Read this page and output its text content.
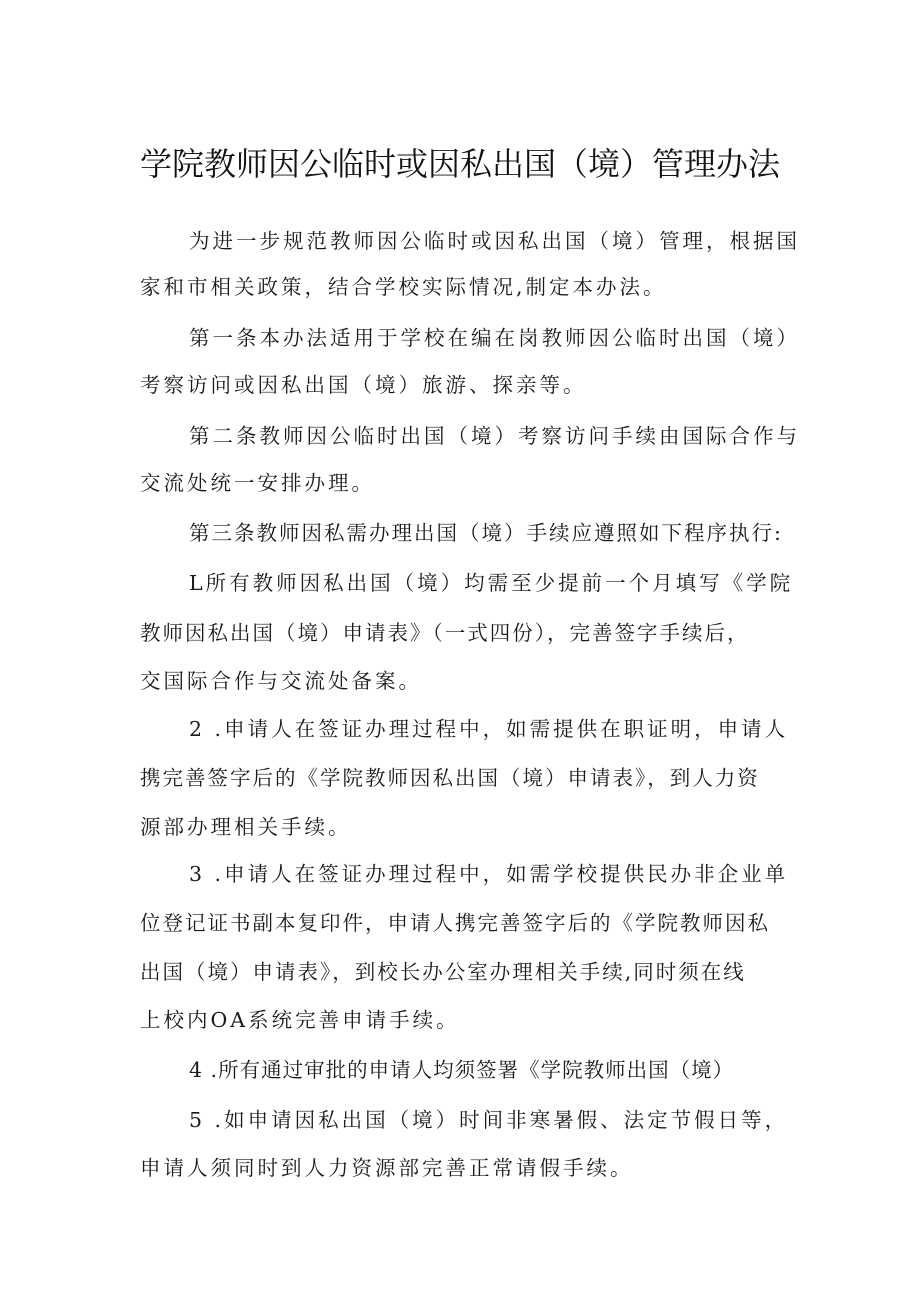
学院教师因公临时或因私出国（境）管理办法

为进一步规范教师因公临时或因私出国（境）管理，根据国

家和市相关政策，结合学校实际情况,制定本办法。

第一条本办法适用于学校在编在岗教师因公临时出国（境）

考察访问或因私出国（境）旅游、探亲等。

第二条教师因公临时出国（境）考察访问手续由国际合作与

交流处统一安排办理。

第三条教师因私需办理出国（境）手续应遵照如下程序执行:

L所有教师因私出国（境）均需至少提前一个月填写《学院

教师因私出国（境）申请表》（一式四份），完善签字手续后，

交国际合作与交流处备案。

2 .申请人在签证办理过程中，如需提供在职证明，申请人

携完善签字后的《学院教师因私出国（境）申请表》，到人力资

源部办理相关手续。

3 .申请人在签证办理过程中，如需学校提供民办非企业单

位登记证书副本复印件，申请人携完善签字后的《学院教师因私

出国（境）申请表》，到校长办公室办理相关手续,同时须在线

上校内OA系统完善申请手续。

4 .所有通过审批的申请人均须签署《学院教师出国（境）

5 .如申请因私出国（境）时间非寒暑假、法定节假日等，

申请人须同时到人力资源部完善正常请假手续。
